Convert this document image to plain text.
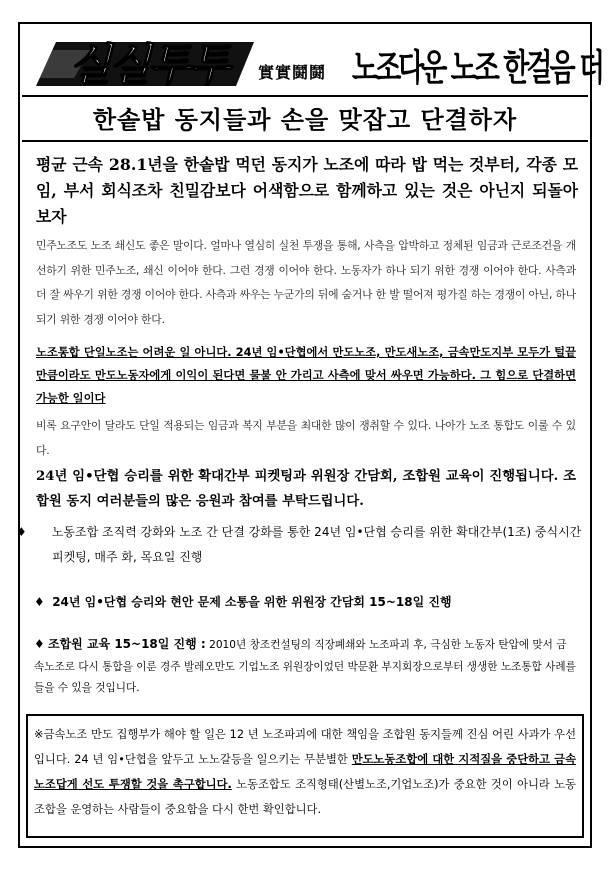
실실투투	實實鬪鬪 노조다운 노조 한걸음 더
한솥밥 동지들과 손을 맞잡고 단결하자
평균 근속 28.1년을 한솥밥 먹던 동지가 노조에 따라 밥 먹는 것부터, 각종 모임, 부서 회식조차 친밀감보다 어색함으로 함께하고 있는 것은 아닌지 되돌아보자
민주노조도 노조 쇄신도 좋은 말이다. 얼마나 열심히 실천 투쟁을 통해, 사측을 압박하고 정체된 임금과 근로조건을 개선하기 위한 민주노조, 쇄신 이어야 한다. 그런 경쟁 이어야 한다. 노동자가 하나 되기 위한 경쟁 이어야 한다. 사측과 더 잘 싸우기 위한 경쟁 이어야 한다. 사측과 싸우는 누군가의 뒤에 숨거나 한 발 떨어져 평가질 하는 경쟁이 아닌, 하나 되기 위한 경쟁 이어야 한다.
노조통합 단일노조는 어려운 일 아니다. 24년 임•단협에서 만도노조, 만도새노조, 금속만도지부 모두가 털끝만큼이라도 만도노동자에게 이익이 된다면 물불 안 가리고 사측에 맞서 싸우면 가능하다. 그 힘으로 단결하면 가능한 일이다
비록 요구안이 달라도 단일 적용되는 임금과 복지 부분을 최대한 많이 쟁취할 수 있다. 나아가 노조 통합도 이룰 수 있다.
24년 임•단협 승리를 위한 확대간부 피켓팅과 위원장 간담회, 조합원 교육이 진행됩니다. 조합원 동지 여러분들의 많은 응원과 참여를 부탁드립니다.
♦ 노동조합 조직력 강화와 노조 간 단결 강화를 통한 24년 임•단협 승리를 위한 확대간부(1조) 중식시간 피켓팅, 매주 화, 목요일 진행
♦ 24년 임•단협 승리와 현안 문제 소통을 위한 위원장 간담회 15~18일 진행
♦ 조합원 교육 15~18일 진행 : 2010년 창조컨설팅의 직장폐쇄와 노조파괴 후, 극심한 노동자 탄압에 맞서 금속노조로 다시 통합을 이룬 경주 발레오만도 기업노조 위원장이었던 박문환 부지회장으로부터 생생한 노조통합 사례를 들을 수 있을 것입니다.
※금속노조 만도 집행부가 해야 할 일은 12 년 노조파괴에 대한 책임을 조합원 동지들께 진심 어린 사과가 우선입니다. 24 년 임•단협을 앞두고 노노갈등을 일으키는 무분별한 만도노동조합에 대한 지적질을 중단하고 금속노조답게 선도 투쟁할 것을 촉구합니다. 노동조합도 조직형태(산별노조,기업노조)가 중요한 것이 아니라 노동조합을 운영하는 사람들이 중요함을 다시 한번 확인합니다.
